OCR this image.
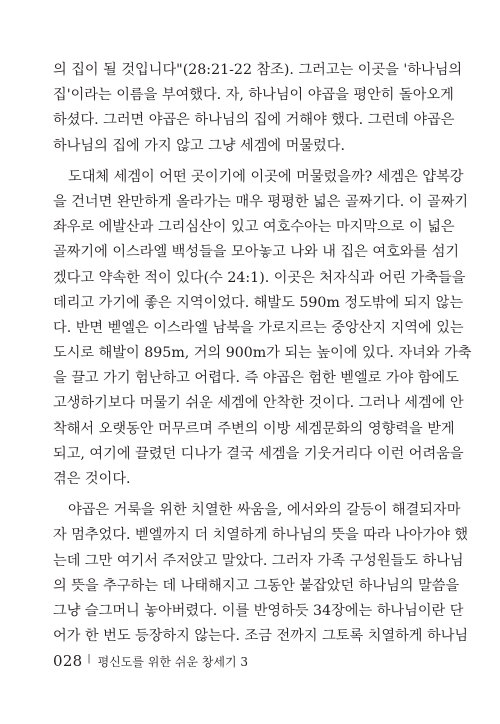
의 집이 될 것입니다"(28:21-22 참조). 그러고는 이곳을 '하나님의
집'이라는 이름을 부여했다. 자, 하나님이 야곱을 평안히 돌아오게
하셨다. 그러면 야곱은 하나님의 집에 거해야 했다. 그런데 야곱은
하나님의 집에 가지 않고 그냥 세겜에 머물렀다.
도대체 세겜이 어떤 곳이기에 이곳에 머물렀을까? 세겜은 얍복강
을 건너면 완만하게 올라가는 매우 평평한 넓은 골짜기다. 이 골짜기
좌우로 에발산과 그리심산이 있고 여호수아는 마지막으로 이 넓은
골짜기에 이스라엘 백성들을 모아놓고 나와 내 집은 여호와를 섬기
겠다고 약속한 적이 있다(수 24:1). 이곳은 처자식과 어린 가축들을
데리고 가기에 좋은 지역이었다. 해발도 590m 정도밖에 되지 않는
다. 반면 벧엘은 이스라엘 남북을 가로지르는 중앙산지 지역에 있는
도시로 해발이 895m, 거의 900m가 되는 높이에 있다. 자녀와 가축
을 끌고 가기 험난하고 어렵다. 즉 야곱은 험한 벧엘로 가야 함에도
고생하기보다 머물기 쉬운 세겜에 안착한 것이다. 그러나 세겜에 안
착해서 오랫동안 머무르며 주변의 이방 세겜문화의 영향력을 받게
되고, 여기에 끌렸던 디나가 결국 세겜을 기웃거리다 이런 어려움을
겪은 것이다.
야곱은 거룩을 위한 치열한 싸움을, 에서와의 갈등이 해결되자마
자 멈추었다. 벧엘까지 더 치열하게 하나님의 뜻을 따라 나아가야 했
는데 그만 여기서 주저앉고 말았다. 그러자 가족 구성원들도 하나님
의 뜻을 추구하는 데 나태해지고 그동안 붙잡았던 하나님의 말씀을
그냥 슬그머니 놓아버렸다. 이를 반영하듯 34장에는 하나님이란 단
어가 한 번도 등장하지 않는다. 조금 전까지 그토록 치열하게 하나님
028 | 평신도를 위한 쉬운 창세기 3
